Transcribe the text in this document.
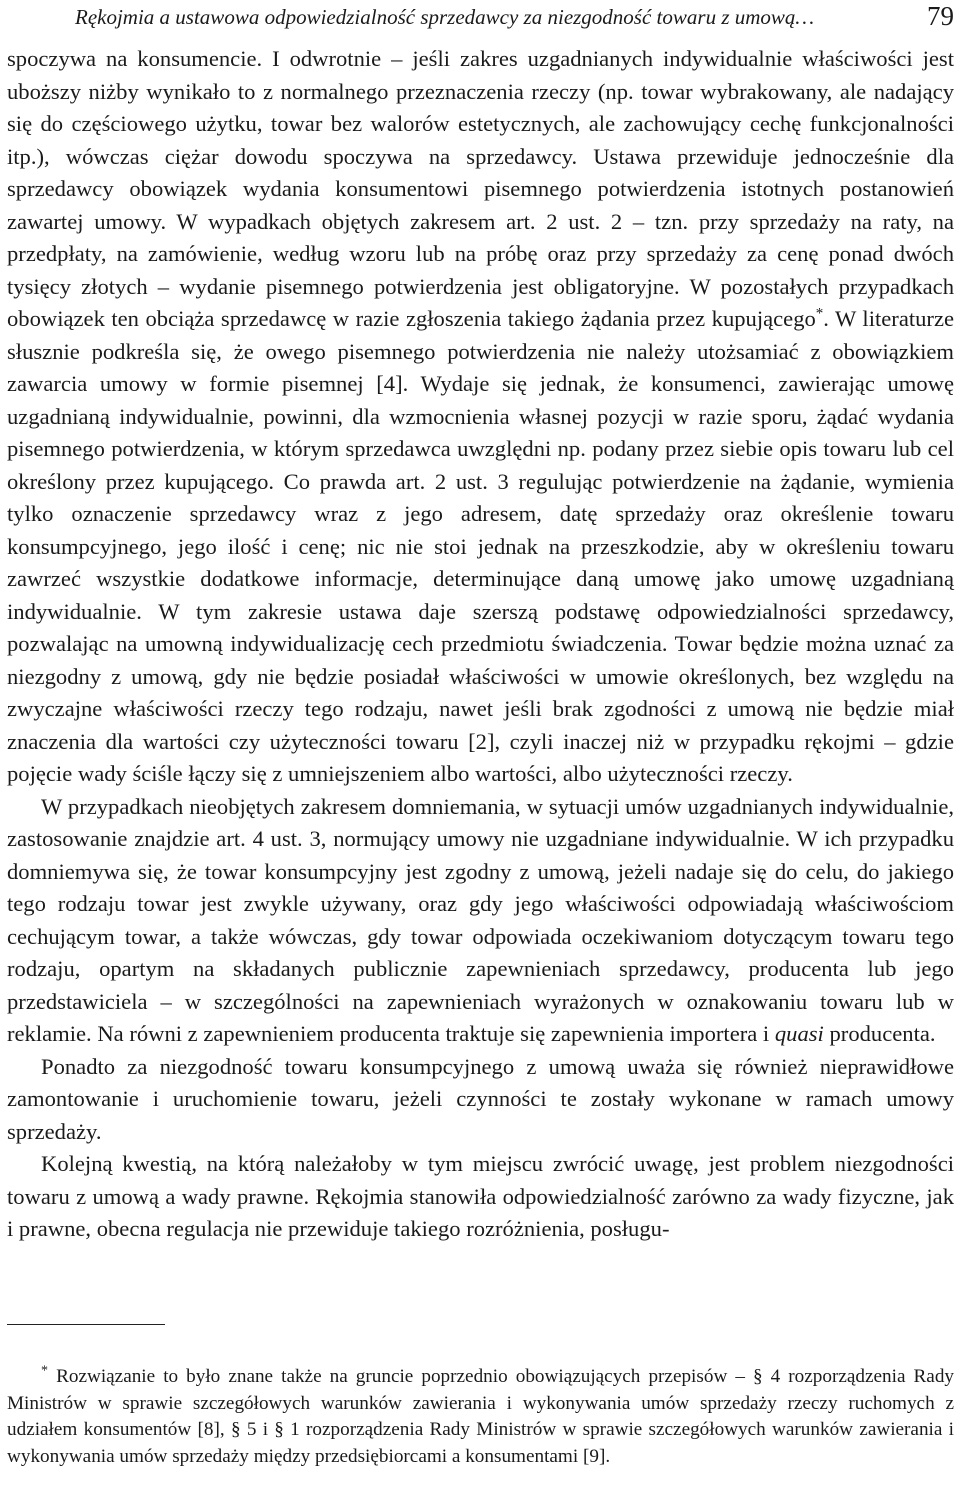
Rękojmia a ustawowa odpowiedzialność sprzedawcy za niezgodność towaru z umową…	79

spoczywa na konsumencie. I odwrotnie – jeśli zakres uzgadnianych indywidualnie właściwości jest uboższy niżby wynikało to z normalnego przeznaczenia rzeczy (np. towar wybrakowany, ale nadający się do częściowego użytku, towar bez walorów estetycznych, ale zachowujący cechę funkcjonalności itp.), wówczas ciężar dowodu spoczywa na sprzedawcy. Ustawa przewiduje jednocześnie dla sprzedawcy obowiązek wydania konsumentowi pisemnego potwierdzenia istotnych postanowień zawartej umowy. W wypadkach objętych zakresem art. 2 ust. 2 – tzn. przy sprzedaży na raty, na przedpłaty, na zamówienie, według wzoru lub na próbę oraz przy sprzedaży za cenę ponad dwóch tysięcy złotych – wydanie pisemnego potwierdzenia jest obligatoryjne. W pozostałych przypadkach obowiązek ten obciąża sprzedawcę w razie zgłoszenia takiego żądania przez kupującego*. W literaturze słusznie podkreśla się, że owego pisemnego potwierdzenia nie należy utożsamiać z obowiązkiem zawarcia umowy w formie pisemnej [4]. Wydaje się jednak, że konsumenci, zawierając umowę uzgadnianą indywidualnie, powinni, dla wzmocnienia własnej pozycji w razie sporu, żądać wydania pisemnego potwierdzenia, w którym sprzedawca uwzględni np. podany przez siebie opis towaru lub cel określony przez kupującego. Co prawda art. 2 ust. 3 regulując potwierdzenie na żądanie, wymienia tylko oznaczenie sprzedawcy wraz z jego adresem, datę sprzedaży oraz określenie towaru konsumpcyjnego, jego ilość i cenę; nic nie stoi jednak na przeszkodzie, aby w określeniu towaru zawrzeć wszystkie dodatkowe informacje, determinujące daną umowę jako umowę uzgadnianą indywidualnie. W tym zakresie ustawa daje szerszą podstawę odpowiedzialności sprzedawcy, pozwalając na umowną indywidualizację cech przedmiotu świadczenia. Towar będzie można uznać za niezgodny z umową, gdy nie będzie posiadał właściwości w umowie określonych, bez względu na zwyczajne właściwości rzeczy tego rodzaju, nawet jeśli brak zgodności z umową nie będzie miał znaczenia dla wartości czy użyteczności towaru [2], czyli inaczej niż w przypadku rękojmi – gdzie pojęcie wady ściśle łączy się z umniejszeniem albo wartości, albo użyteczności rzeczy.

W przypadkach nieobjętych zakresem domniemania, w sytuacji umów uzgadnianych indywidualnie, zastosowanie znajdzie art. 4 ust. 3, normujący umowy nie uzgadniane indywidualnie. W ich przypadku domniemywa się, że towar konsumpcyjny jest zgodny z umową, jeżeli nadaje się do celu, do jakiego tego rodzaju towar jest zwykle używany, oraz gdy jego właściwości odpowiadają właściwościom cechującym towar, a także wówczas, gdy towar odpowiada oczekiwaniom dotyczącym towaru tego rodzaju, opartym na składanych publicznie zapewnieniach sprzedawcy, producenta lub jego przedstawiciela – w szczególności na zapewnieniach wyrażonych w oznakowaniu towaru lub w reklamie. Na równi z zapewnieniem producenta traktuje się zapewnienia importera i quasi producenta.

Ponadto za niezgodność towaru konsumpcyjnego z umową uważa się również nieprawidłowe zamontowanie i uruchomienie towaru, jeżeli czynności te zostały wykonane w ramach umowy sprzedaży.

Kolejną kwestią, na którą należałoby w tym miejscu zwrócić uwagę, jest problem niezgodności towaru z umową a wady prawne. Rękojmia stanowiła odpowiedzialność zarówno za wady fizyczne, jak i prawne, obecna regulacja nie przewiduje takiego rozróżnienia, posługu-

* Rozwiązanie to było znane także na gruncie poprzednio obowiązujących przepisów – § 4 rozporządzenia Rady Ministrów w sprawie szczegółowych warunków zawierania i wykonywania umów sprzedaży rzeczy ruchomych z udziałem konsumentów [8], § 5 i § 1 rozporządzenia Rady Ministrów w sprawie szczegółowych warunków zawierania i wykonywania umów sprzedaży między przedsiębiorcami a konsumentami [9].
